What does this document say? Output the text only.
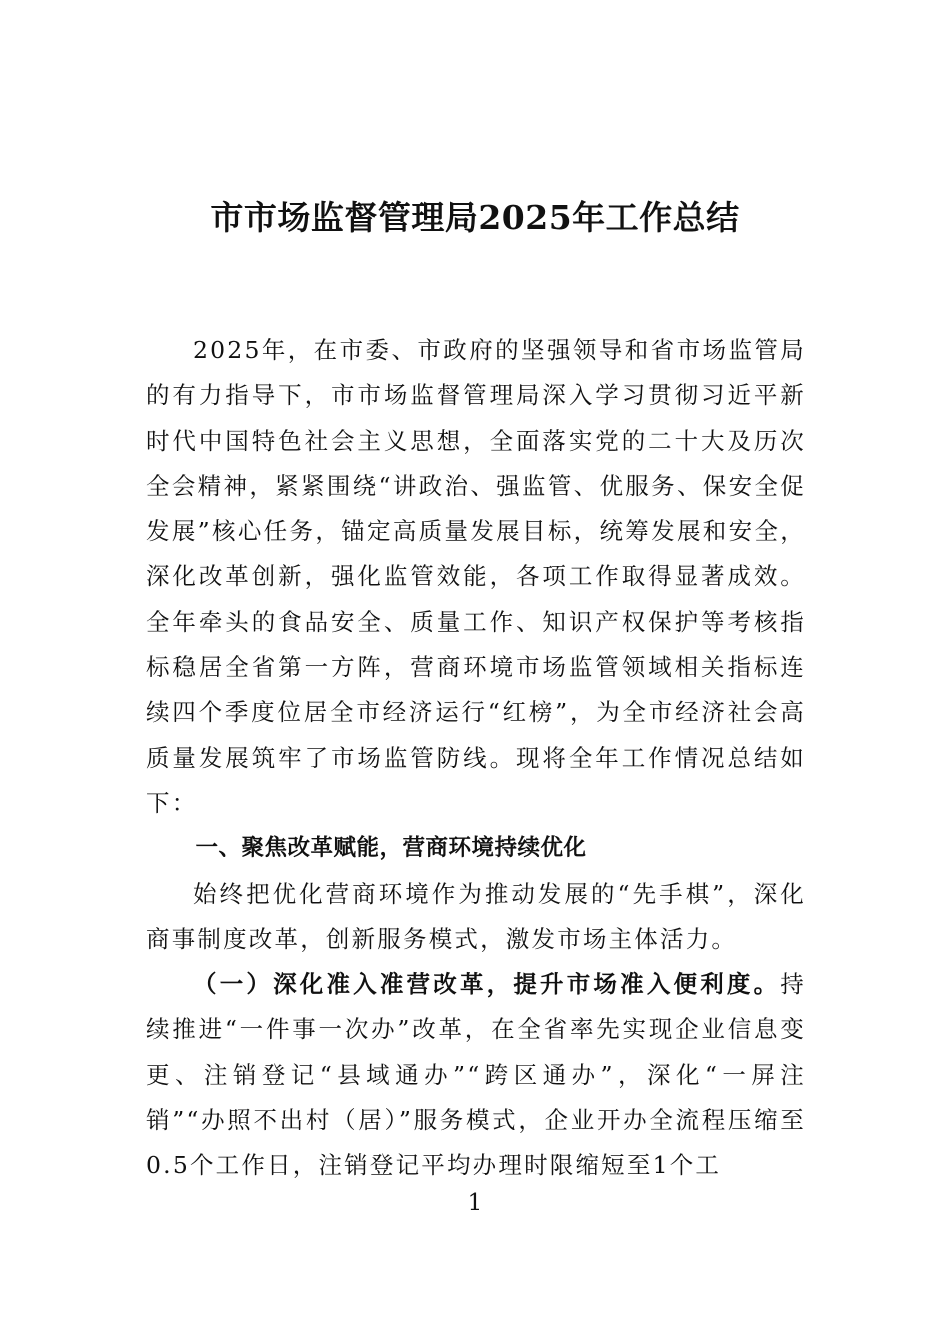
市市场监督管理局2025年工作总结

2025年，在市委、市政府的坚强领导和省市场监管局的有力指导下，市市场监督管理局深入学习贯彻习近平新时代中国特色社会主义思想，全面落实党的二十大及历次全会精神，紧紧围绕“讲政治、强监管、优服务、保安全促发展”核心任务，锚定高质量发展目标，统筹发展和安全，深化改革创新，强化监管效能，各项工作取得显著成效。全年牵头的食品安全、质量工作、知识产权保护等考核指标稳居全省第一方阵，营商环境市场监管领域相关指标连续四个季度位居全市经济运行“红榜”，为全市经济社会高质量发展筑牢了市场监管防线。现将全年工作情况总结如下：

一、聚焦改革赋能，营商环境持续优化

始终把优化营商环境作为推动发展的“先手棋”，深化商事制度改革，创新服务模式，激发市场主体活力。

（一）深化准入准营改革，提升市场准入便利度。持续推进“一件事一次办”改革，在全省率先实现企业信息变更、注销登记“县域通办”“跨区通办”，深化“一屏注销”“办照不出村（居）”服务模式，企业开办全流程压缩至0.5个工作日，注销登记平均办理时限缩短至1个工

1
